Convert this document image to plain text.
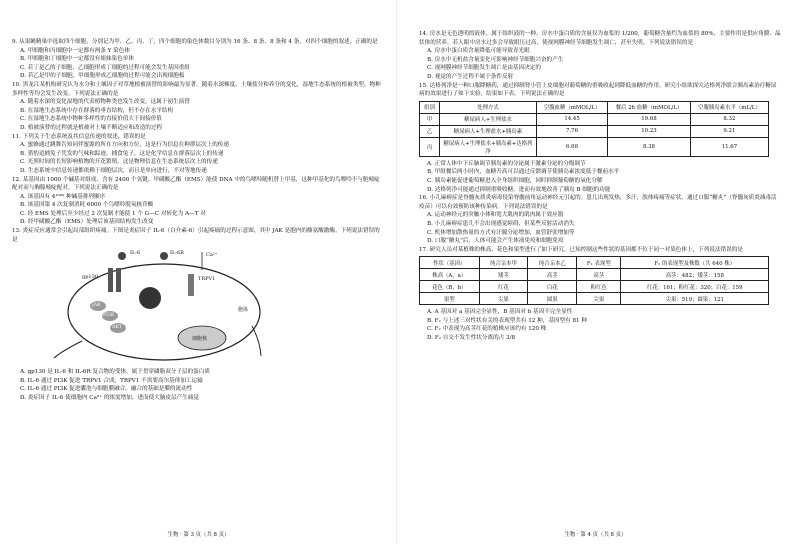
9. 从果蝇精巢中选取四个细胞，分别记为甲、乙、丙、丁，四个细胞的染色体数目分别为 16 条、8 条、8 条和 4 条。对四个细胞的叙述，正确的是

A. 甲细胞和丙细胞中一定都有两条 Y 染色体
B. 甲细胞和丁细胞中一定都没有姐妹染色单体
C. 若丁是乙的子细胞，乙细胞形成丁细胞的过程可能会发生基因重组
D. 若乙是甲的子细胞，甲细胞形成乙细胞的过程可能会出现细胞板

10. 黑龙江某机构研究认为水分和土壤因子对草地植被演替的影响最为显著。随着水深梯度、土壤盐分和养分的变化，湿地生态系统的植被类型、物种多样性等均会发生改变。下列说法正确的是

A. 随着水深的变化湿地的代表植物种类也发生改变，这属于初生演替
B. 在湿地生态系统中存在群落的垂直结构，但不存在水平结构
C. 在湿地生态系统中物种多样性的直接价值大于间接价值
D. 植被演替的过程就是植被对土壤不断适应和改造的过程

11. 下列关于生态系统及其信息传递的叙述，错误的是

A. 蜜蜂通过跳舞告知同伴蜜源的所在方向和方位，这是行为信息在种群层次上的传递
B. 猎豹追捕兔子凭发的气味和踪迹，捕食兔子，这是化学信息在群落层次上的传递
C. 光照时间的长短影响植物的开花繁殖，这是物理信息在生态系统层次上的传递
D. 生态系统中信息传递都依赖于细胞层次，而且是单向进行，不对等地传递

12. 某基因由 1000 个碱基对组成，含有 2400 个氢键，甲磺酸乙酯（EMS）能使 DNA 中的鸟嘌呤随机替上甲基，这种甲基化的鸟嘌呤不与胞嘧啶配对而与胸腺嘧啶配对。下列说法正确的是

A. 该基因有 4¹⁰⁰⁰ 种碱基排列顺序
B. 该基因第 4 次复制消耗 6000 个鸟嘌呤脱氧核苷酸
C. 经 EMS 处理后至少经过 2 次复制才能使 1 个 G—C 对转化为 A—T 对
D. 经甲磺酸乙酯（EMS）处理后该基因结构发生改变

13. 炎症反应通常会引起局部组织疼痛。下图是炎症因子 IL-6（白介素-6）引起疼痛的过程示意图，其中 JAK 是胞内的酪氨酸激酶。下列说法错误的是

IL-6	IL-6R
gp130
JAK
PI3K
AKT
TRPV1
Ca²⁺
细胞核
胞体
A. gp130 是 IL-6 和 IL-6R 复合物的受体，属于贯穿磷脂双分子层的蛋白质
B. IL-6 通过 PI3K 促进 TRPV1 合成，TRPV1 不需要高尔基体加工运输
C. IL-6 通过 PI3K 促进囊泡与细胞膜融合，融合的基础是膜的流动性
D. 炎症因子 IL-6 使细胞内 Ca²⁺ 的浓度增加，进而使大脑皮层产生痛觉
生物 · 第 3 页（共 8 页）

14. 房水是无色透明的液体，属于组织液的一种。房水中蛋白质的含量仅为血浆的 1/200，葡萄糖含量约为血浆的 80%，主要作用是供应角膜、晶状体的营养。若人眼中房水过多会导致眼压过高，使视网膜神经节细胞发生凋亡，甚至失明。下列说法错误的是

A. 房水中蛋白质含量降低可能导致青光眼
B. 房水中无机盐含量变化可影响神经节细胞兴奋的产生
C. 视网膜神经节细胞发生凋亡是由基因决定的
D. 视觉的产生过程不属于条件反射

15. 达格列净是一种口服降糖药，通过抑制肾小管上皮细胞对葡萄糖的重吸收起到降低血糖的作用。研究小组欲探究达格列净联合胰岛素治疗糖尿病的效果进行了如下实验，结果如下表。下列说法正确的是

组别	处理方式	空腹血糖（mMOL/L）	餐后 2h 血糖（mMOL/L）	空腹胰岛素水平（mL/L）
甲	糖尿病人+生理盐水	14.45	19.68	8.32
乙	糖尿病人+生理盐水+胰岛素	7.76	10.23	9.21
丙	糖尿病人+生理盐水+胰岛素+达格列净	6.68	8.38	11.67
A. 正常人体中下丘脑调节胰岛素的分泌属于激素分泌的分级调节
B. 甲组餐后两小时内，血糖升高可以通过反馈调节使胰岛素浓度低于餐前水平
C. 胰岛素能促进葡萄糖进入全身组织细胞，同时抑制葡萄糖的氧化分解
D. 达格列净可能通过抑制重吸收糖，进而有效地改善了胰岛 B 细胞的功能

16. 小儿麻痹症是脊髓灰质炎病毒侵染脊髓前角运动神经元引起的。患儿出现发热，多汗，肢体疼痛等症状，通过口服“糖丸”（脊髓灰质炎减毒活疫苗）可以有效预防该种传染病。下列说法错误的是

A. 运动神经元的突触小体和宽大肌肉的肌肉属于效应器
B. 小儿麻痹症患儿不会出现感觉障碍，但某些反射活动消失
C. 机体增加散热量的方式有汗腺分泌增加，血管舒张增加等
D. 口服“糖丸”后，人体可能会产生体液免疫和细胞免疫

17. 研究人员对某植株的株高、花色和果型进行了如下研究。已知控制这些性状的基因都不位于同一对染色体上，下列说法错误的是

性状（基因）	纯合亲本甲	纯合亲本乙	F₁ 表现型	F₂ 的表现型及株数（共 640 株）
株高（A，a）	矮茎	高茎	高茎	高茎：482；矮茎：158
花色（B，b）	红花	白花	粉红色	红花：161；粉红花：320；白花：159
果型	尖果	圆果	尖果	尖果：519；圆果：121
A. A 基因对 a 基因完全显性，B 基因对 b 基因不完全显性
B. F₂ 与上述三对性状有关的表现型共有 12 种，基因型有 81 种
C. F₂ 中表现为高茎红花的植株应该约有 120 株
D. F₂ 自交不发生性状分离的占 3/8
生物 · 第 4 页（共 8 页）
